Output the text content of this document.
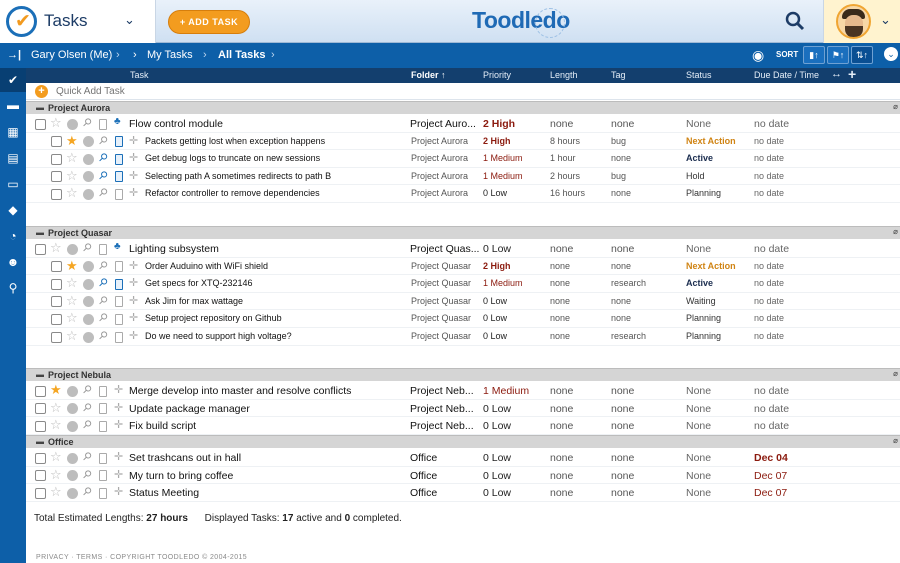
✔ Tasks	⌄	+ ADD TASK	Toodledo	⌄
→| Gary Olsen (Me) › › My Tasks › All Tasks ›	◉ SORT	▮↑	⚑↑	⇅↑	⌄
✔
▬
▦
▤
▭
◆
◔
☻
⚲
Task	Folder ↑	Priority	Length	Tag	Status	Due Date / Time ↔ +
+
Quick Add Task
▬ Project Aurora	⌀
☆ ⚲ ♣ Flow control module	Project Auro... 2 High	none	none	None	no date
★ ⚲ ✛ Packets getting lost when exception happens	Project Aurora 2 High	8 hours	bug	Next Action no date
☆ ⚲ ✛ Get debug logs to truncate on new sessions	Project Aurora 1 Medium	1 hour	none	Active	no date
☆ ⚲ ✛ Selecting path A sometimes redirects to path B	Project Aurora 1 Medium	2 hours	bug	Hold	no date
☆ ⚲ ✛ Refactor controller to remove dependencies	Project Aurora 0 Low	16 hours	none	Planning	no date
▬ Project Quasar	⌀
☆ ⚲ ♣ Lighting subsystem	Project Quas... 0 Low	none	none	None	no date
★ ⚲ ✛ Order Auduino with WiFi shield	Project Quasar 2 High	none	none	Next Action no date
☆ ⚲ ✛ Get specs for XTQ-232146	Project Quasar 1 Medium	none	research	Active	no date
☆ ⚲ ✛ Ask Jim for max wattage	Project Quasar 0 Low	none	none	Waiting	no date
☆ ⚲ ✛ Setup project repository on Github	Project Quasar 0 Low	none	none	Planning	no date
☆ ⚲ ✛ Do we need to support high voltage?	Project Quasar 0 Low	none	research	Planning	no date
▬ Project Nebula	⌀
★ ⚲ ✛ Merge develop into master and resolve conflicts	Project Neb... 1 Medium none	none	None	no date
☆ ⚲ ✛ Update package manager	Project Neb... 0 Low	none	none	None	no date
☆ ⚲ ✛ Fix build script	Project Neb... 0 Low	none	none	None	no date
▬ Office	⌀
☆ ⚲ ✛ Set trashcans out in hall	Office	0 Low	none	none	None	Dec 04
☆ ⚲ ✛ My turn to bring coffee	Office	0 Low	none	none	None	Dec 07
☆ ⚲ ✛ Status Meeting	Office	0 Low	none	none	None	Dec 07
Total Estimated Lengths: 27 hours Displayed Tasks: 17 active and 0 completed.
PRIVACY · TERMS · COPYRIGHT TOODLEDO © 2004-2015
